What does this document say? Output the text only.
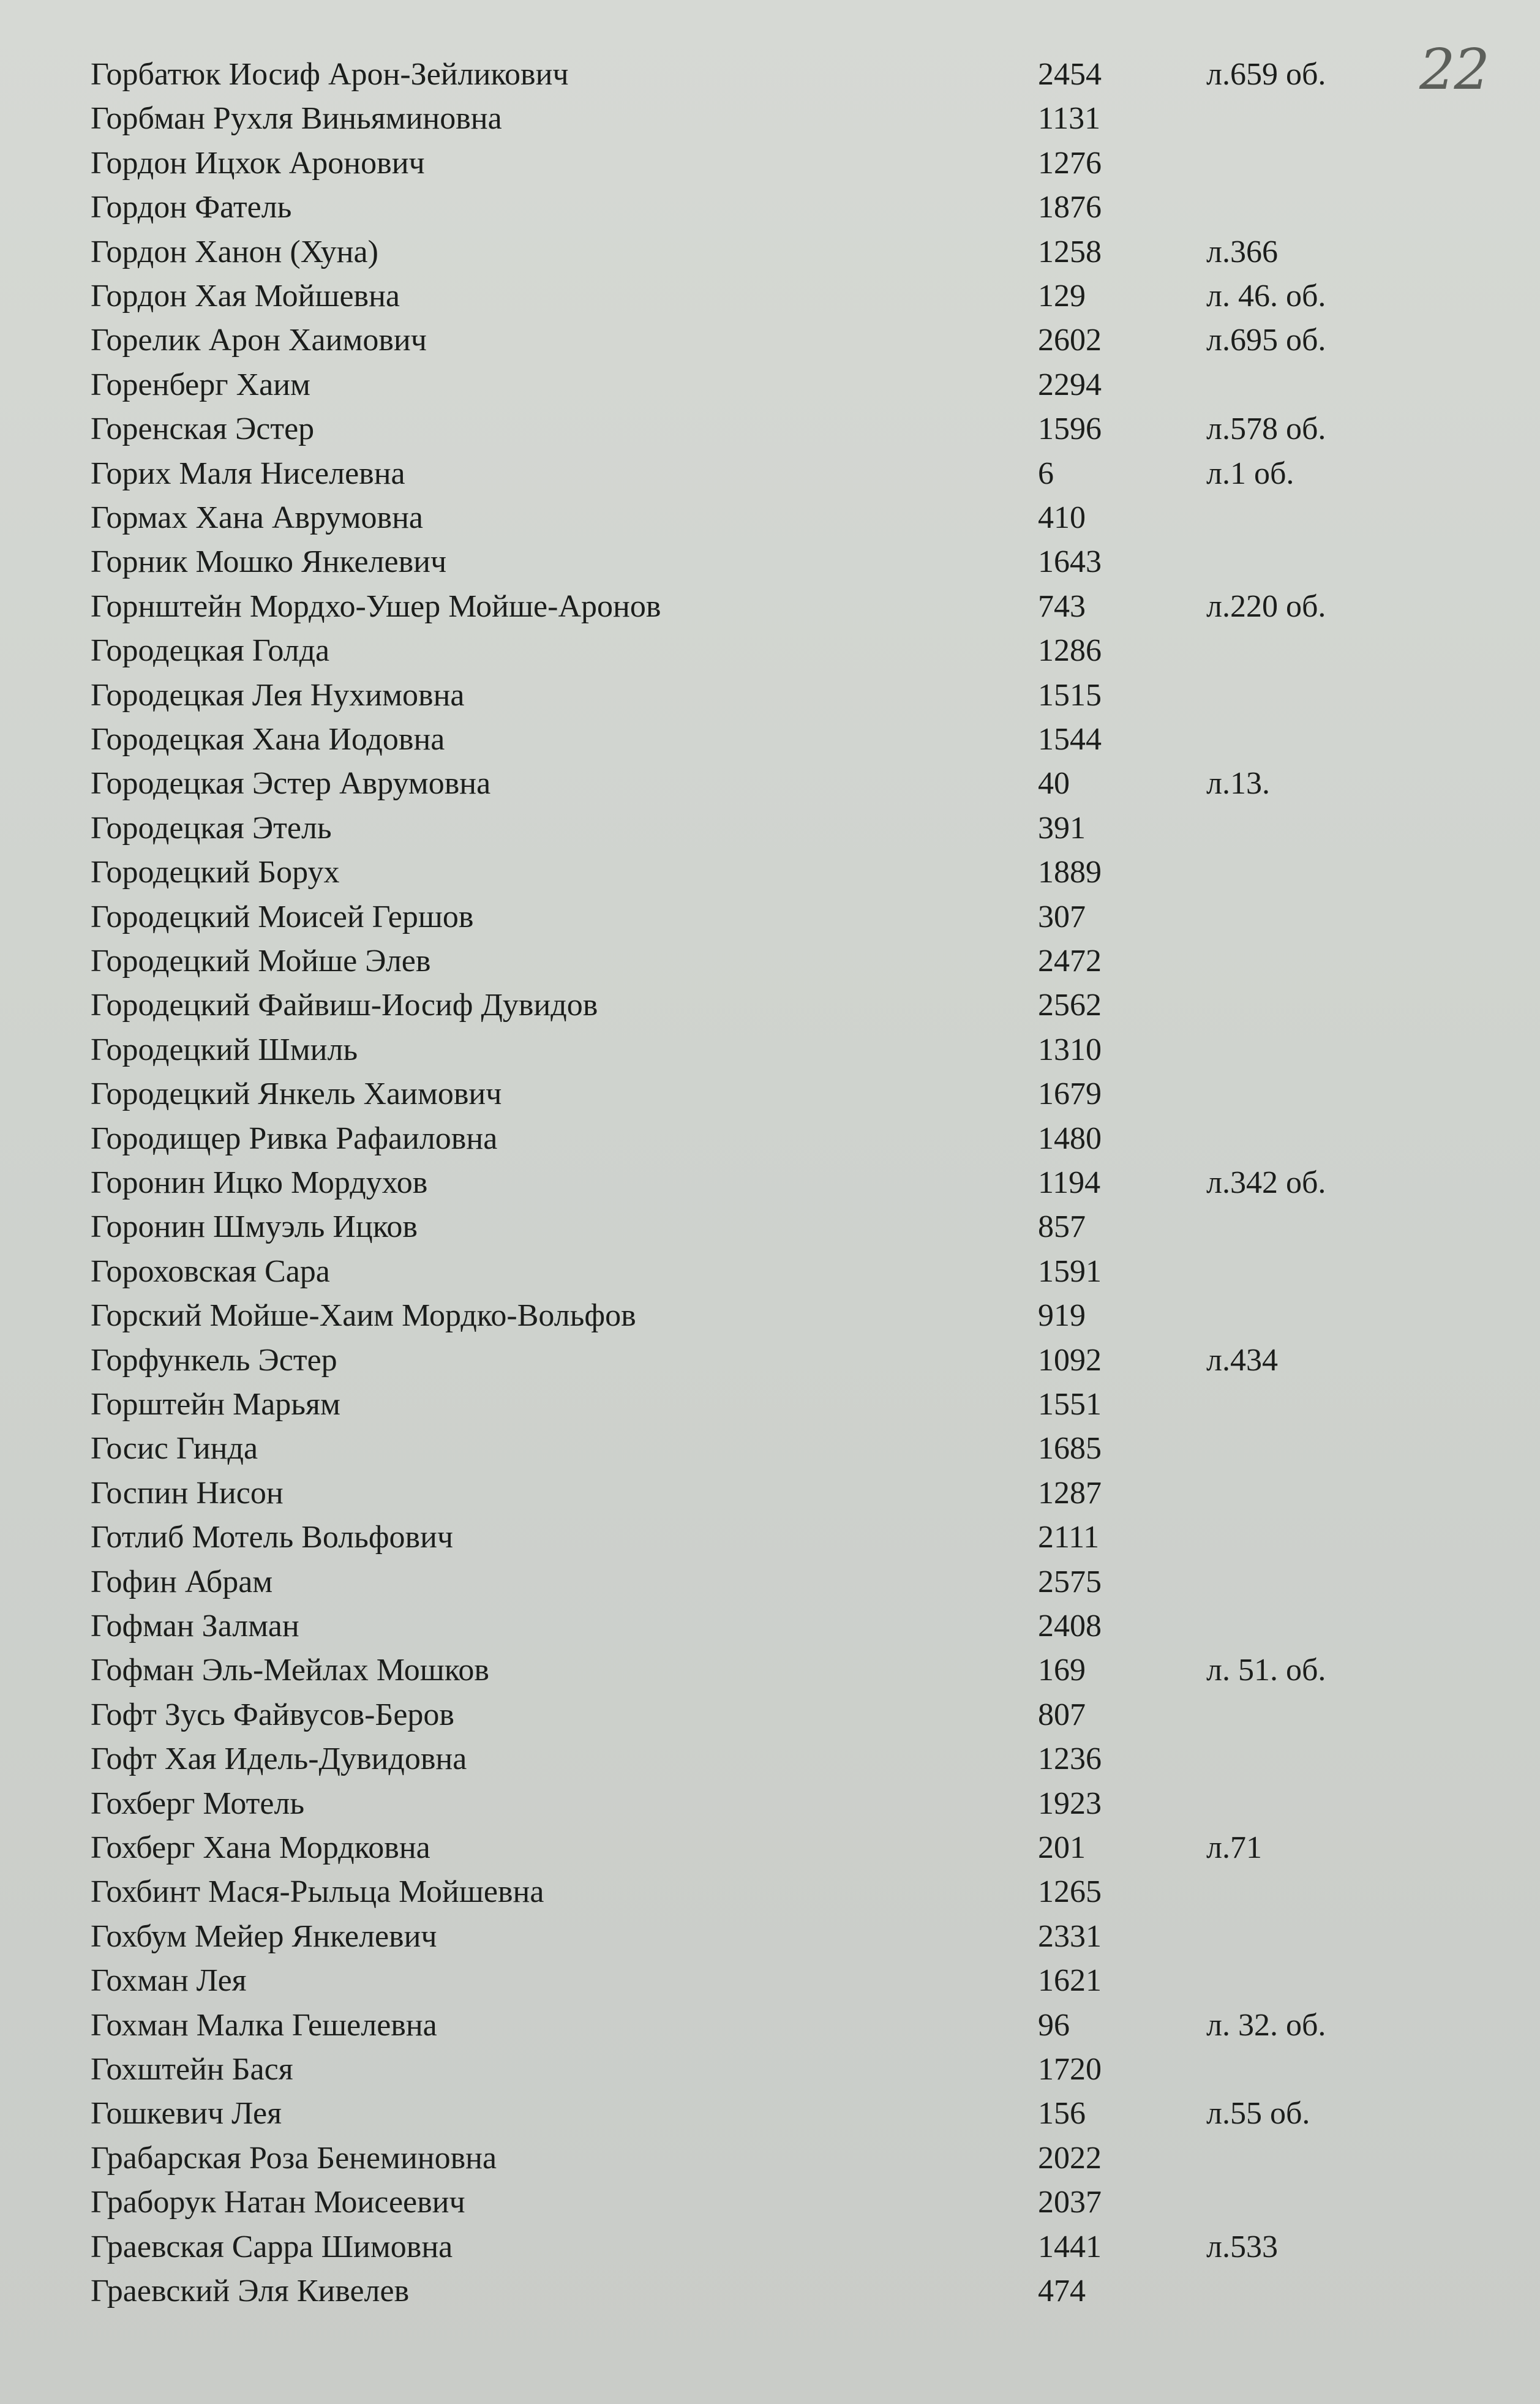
22
Горбатюк Иосиф Арон-Зейликович	2454	л.659 об.
Горбман Рухля Виньяминовна	1131
Гордон Ицхок Аронович	1276
Гордон Фатель	1876
Гордон Ханон (Хуна)	1258	л.366
Гордон Хая Мойшевна	129	л. 46. об.
Горелик Арон Хаимович	2602	л.695 об.
Горенберг Хаим	2294
Горенская Эстер	1596	л.578 об.
Горих Маля Ниселевна	6	л.1 об.
Гормах Хана Аврумовна	410
Горник Мошко Янкелевич	1643
Горнштейн Мордхо-Ушер Мойше-Аронов	743	л.220 об.
Городецкая Голда	1286
Городецкая Лея Нухимовна	1515
Городецкая Хана Иодовна	1544
Городецкая Эстер Аврумовна	40	л.13.
Городецкая Этель	391
Городецкий Борух	1889
Городецкий Моисей Гершов	307
Городецкий Мойше Элев	2472
Городецкий Файвиш-Иосиф Дувидов	2562
Городецкий Шмиль	1310
Городецкий Янкель Хаимович	1679
Городищер Ривка Рафаиловна	1480
Горонин Ицко Мордухов	1194	л.342 об.
Горонин Шмуэль Ицков	857
Гороховская Сара	1591
Горский Мойше-Хаим Мордко-Вольфов	919
Горфункель Эстер	1092	л.434
Горштейн Марьям	1551
Госис Гинда	1685
Госпин Нисон	1287
Готлиб Мотель Вольфович	2111
Гофин Абрам	2575
Гофман Залман	2408
Гофман Эль-Мейлах Мошков	169	л. 51. об.
Гофт Зусь Файвусов-Беров	807
Гофт Хая Идель-Дувидовна	1236
Гохберг Мотель	1923
Гохберг Хана Мордковна	201	л.71
Гохбинт Мася-Рыльца Мойшевна	1265
Гохбум Мейер Янкелевич	2331
Гохман Лея	1621
Гохман Малка Гешелевна	96	л. 32. об.
Гохштейн Бася	1720
Гошкевич Лея	156	л.55 об.
Грабарская Роза Бенеминовна	2022
Граборук Натан Моисеевич	2037
Граевская Сарра Шимовна	1441	л.533
Граевский Эля Кивелев	474
